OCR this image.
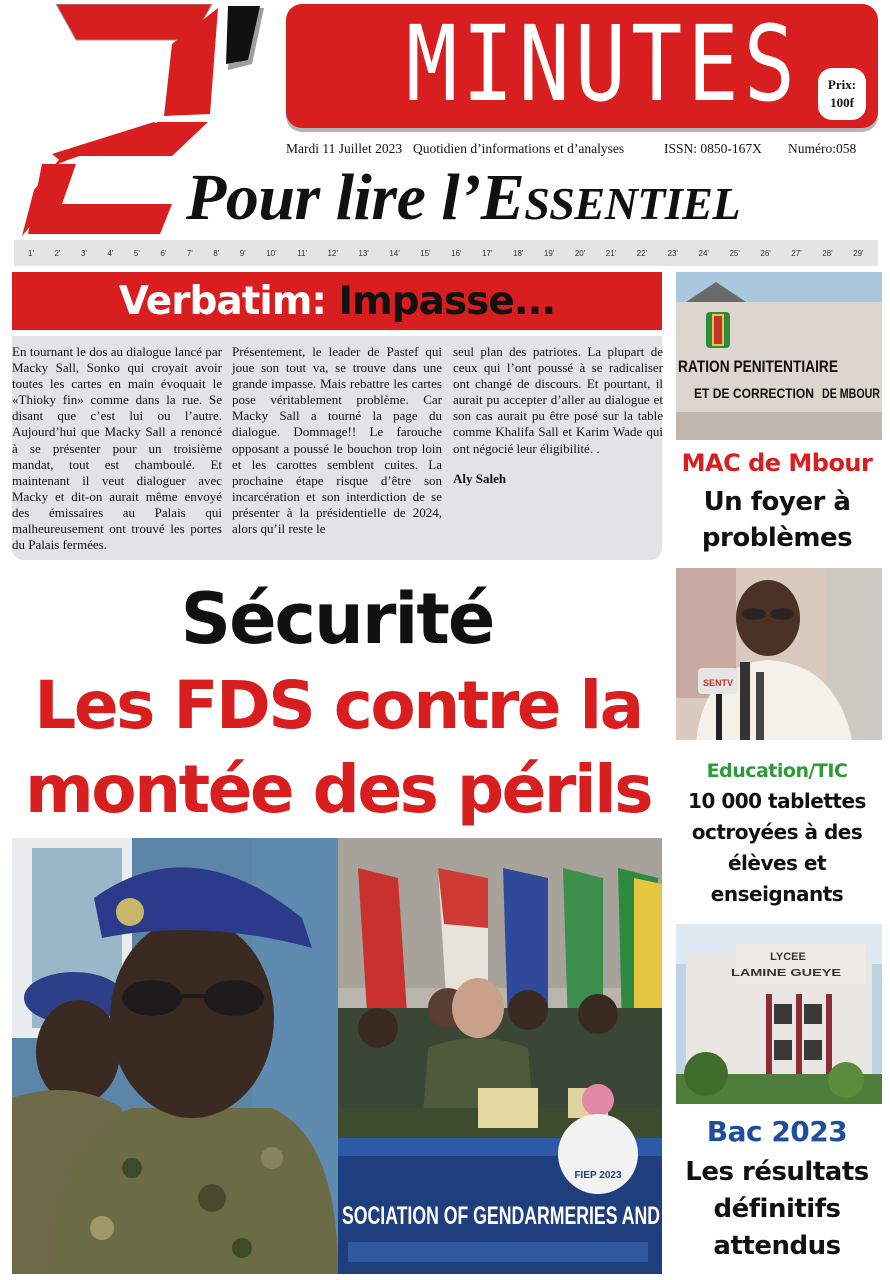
MINUTES	Prix:
100f
Mardi 11 Juillet 2023 Quotidien d’informations et d’analyses	ISSN: 0850-167X Numéro:058
Pour lire l’ESSENTIEL
1'	2'	3'	4'	5'	6'	7'	8'	9'	10'	11'	12'	13'	14'	15'	16'	17'	18'	19'	20'	21'	22'	23'	24'	25'	26'	27'	28'	29'
Verbatim: Impasse...
En tournant le dos au dialogue lancé par Macky Sall, Sonko qui croyait avoir toutes les cartes en main évoquait le «Thioky fin» comme dans la rue. Se disant que c’est lui ou l’autre. Aujourd’hui que Macky Sall a renoncé à se présenter pour un troisième mandat, tout est chamboulé. Et maintenant il veut dialoguer avec Macky et dit-on aurait même envoyé des émissaires au Palais qui malheureusement ont trouvé les portes du Palais fermées.
Présentement, le leader de Pastef qui joue son tout va, se trouve dans une grande impasse. Mais rebattre les cartes pose véritablement problème. Car Macky Sall a tourné la page du dialogue. Dommage!! Le farouche opposant a poussé le bouchon trop loin et les carottes semblent cuites. La prochaine étape risque d’être son incarcération et son interdiction de se présenter à la présidentielle de 2024, alors qu’il reste le
seul plan des patriotes. La plupart de ceux qui l’ont poussé à se radicaliser ont changé de discours. Et pourtant, il aurait pu accepter d’aller au dialogue et son cas aurait pu être posé sur la table comme Khalifa Sall et Karim Wade qui ont négocié leur éligibilité. .
Aly Saleh
Sécurité
Les FDS contre la
montée des périls
FIEP 2023
SOCIATION OF GENDARMERIES AND
RATION PENITENTIAIRE
ET DE CORRECTION DE MBOUR
MAC de Mbour
Un foyer à
problèmes
SENTV
Education/TIC
10 000 tablettes
octroyées à des
élèves et
enseignants
LYCEE
LAMINE GUEYE
Bac 2023
Les résultats
définitifs
attendus
